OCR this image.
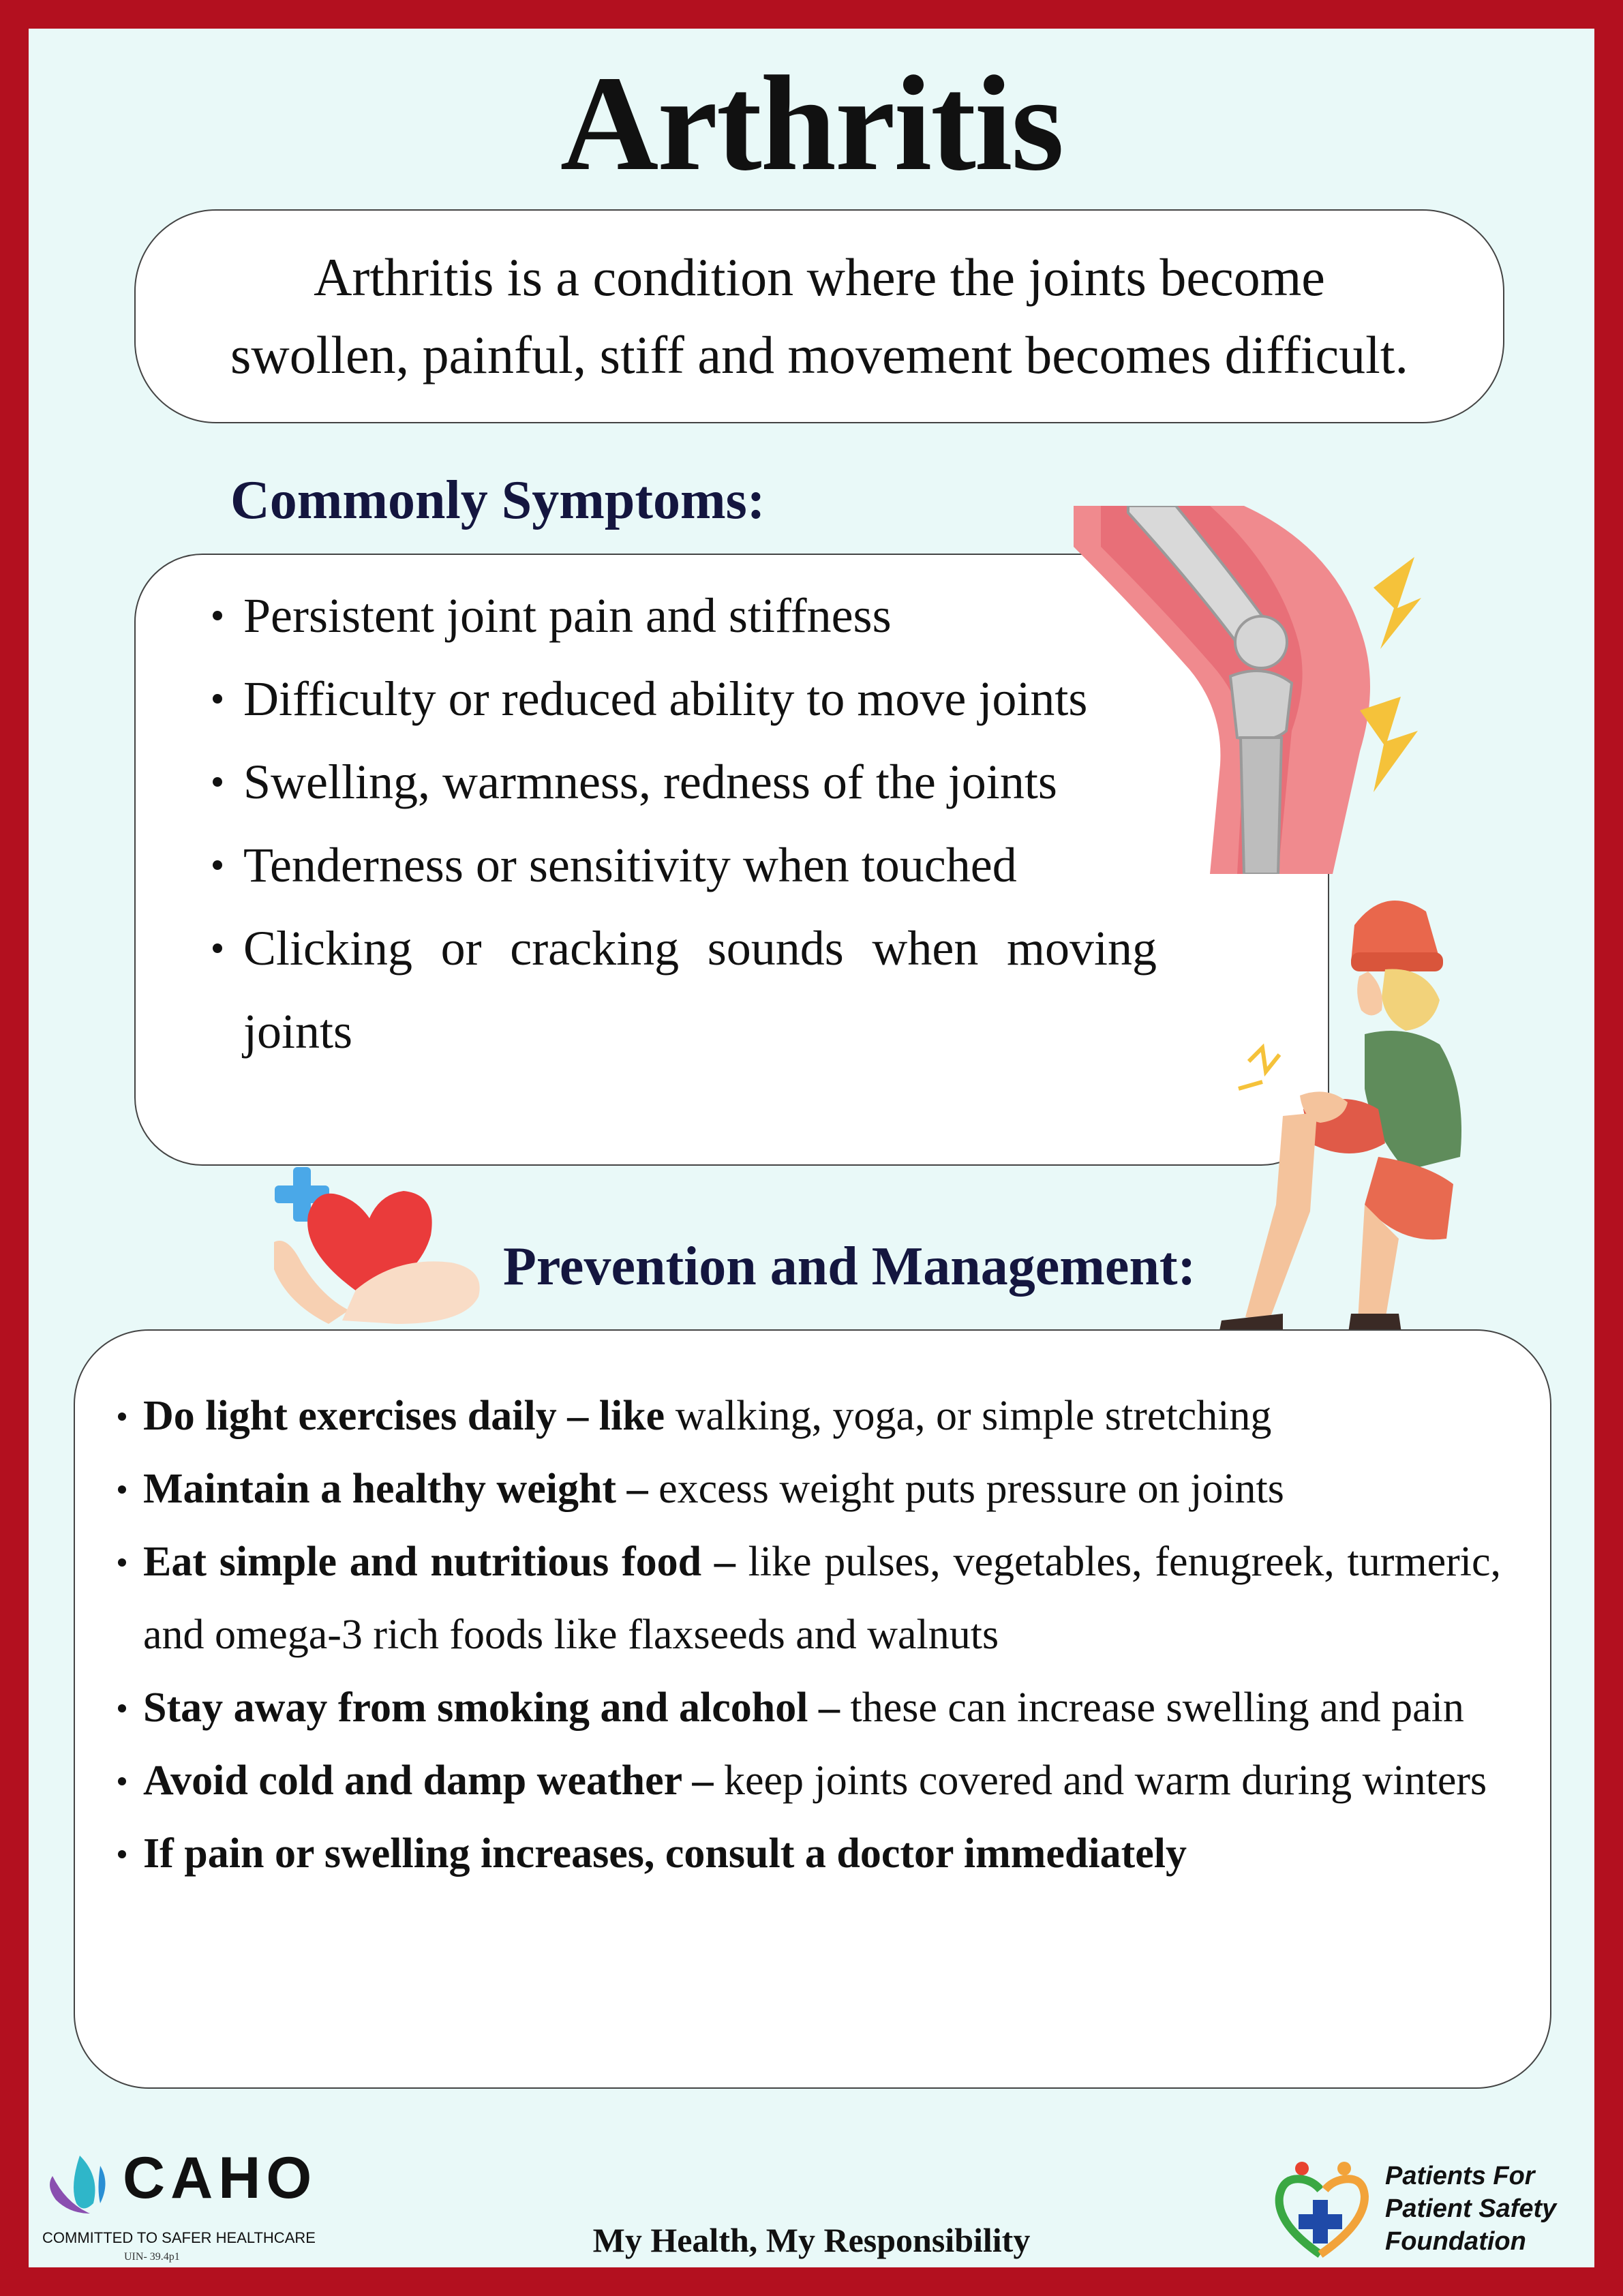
Arthritis
Arthritis is a condition where the joints become
swollen, painful, stiff and movement becomes difficult.
Commonly Symptoms:
Persistent joint pain and stiffness
Difficulty or reduced ability to move joints
Swelling, warmness, redness of the joints
Tenderness or sensitivity when touched
Clicking or cracking sounds when moving joints
Prevention and Management:
Do light exercises daily – like walking, yoga, or simple stretching
Maintain a healthy weight – excess weight puts pressure on joints
Eat simple and nutritious food – like pulses, vegetables, fenugreek, turmeric, and omega-3 rich foods like flaxseeds and walnuts
Stay away from smoking and alcohol – these can increase swelling and pain
Avoid cold and damp weather – keep joints covered and warm during winters
If pain or swelling increases, consult a doctor immediately
CAHO
COMMITTED TO SAFER HEALTHCARE
UIN- 39.4p1	My Health, My Responsibility
Patients For
Patient Safety
Foundation
